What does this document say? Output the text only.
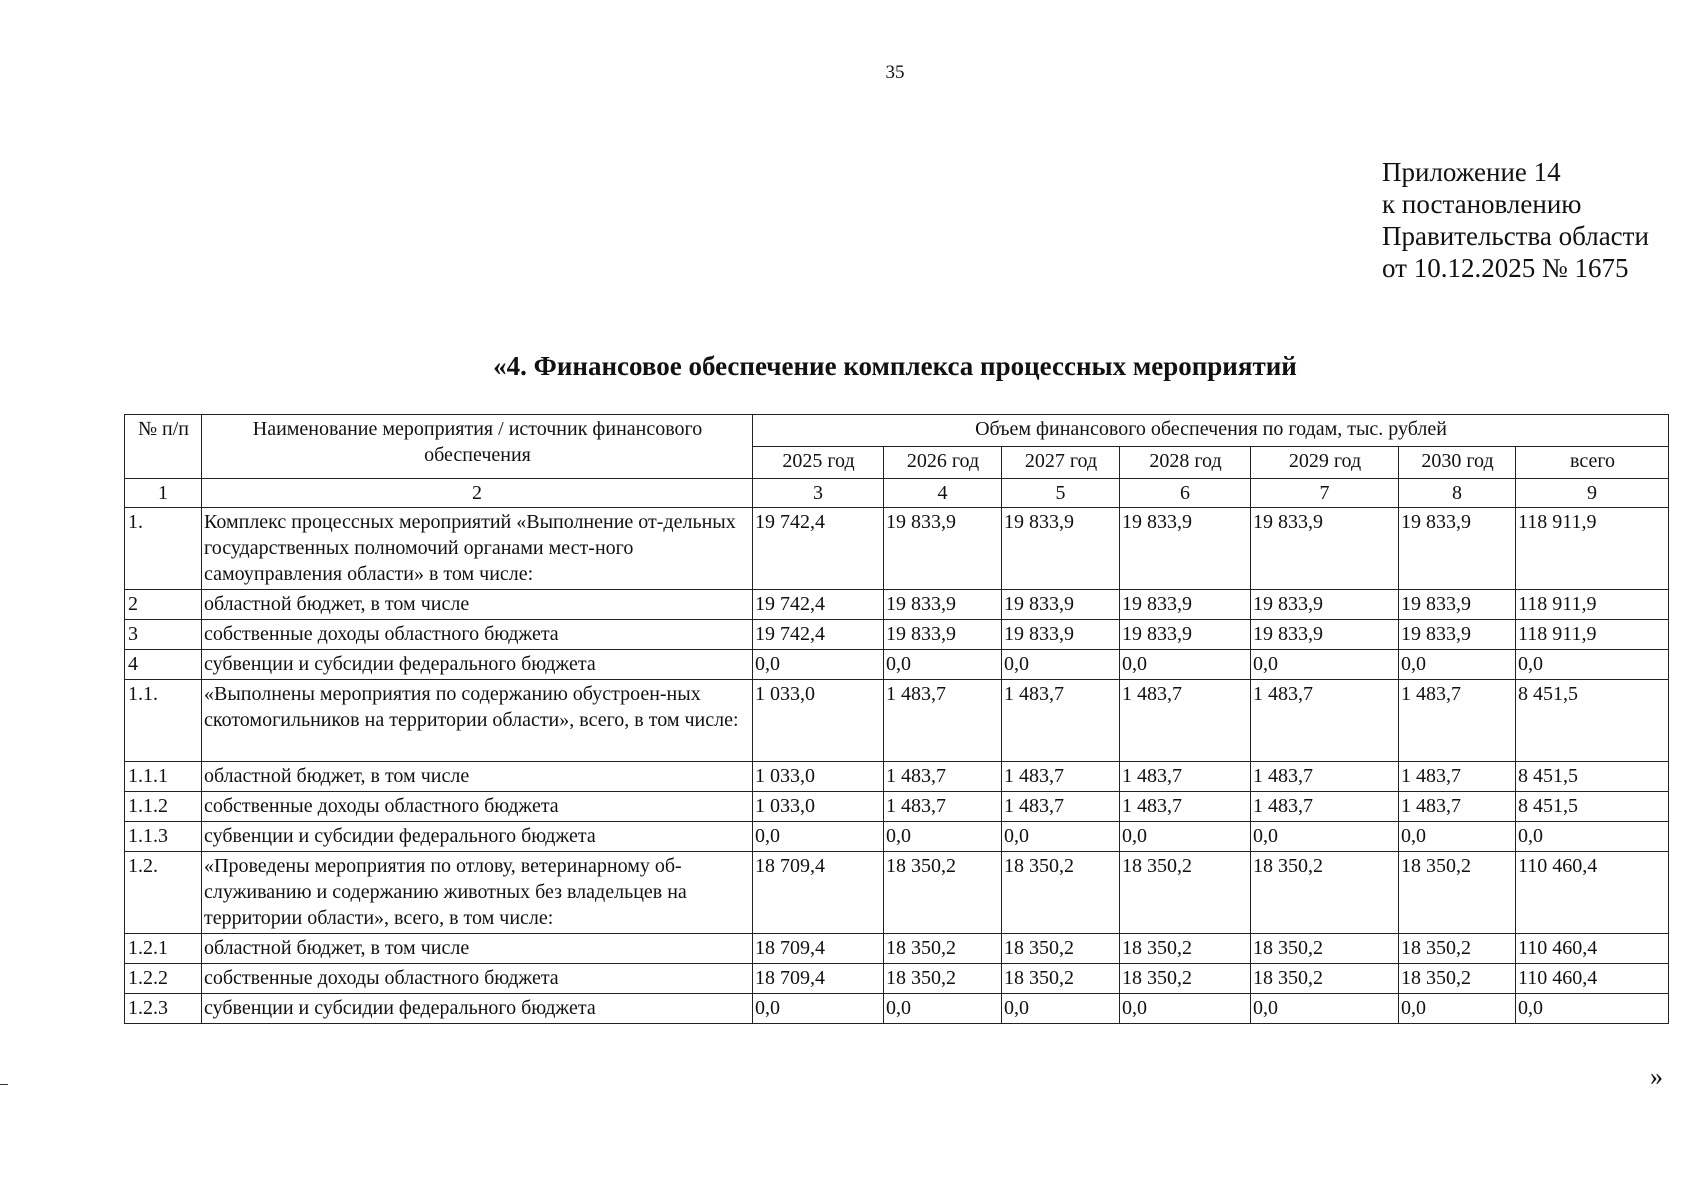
35
Приложение 14
к постановлению
Правительства области
от 10.12.2025 № 1675
«4. Финансовое обеспечение комплекса процессных мероприятий
№ п/п	Наименование мероприятия / источник финансового обеспечения	Объем финансового обеспечения по годам, тыс. рублей						
		2025 год	2026 год	2027 год	2028 год	2029 год	2030 год	всего
1	2	3	4	5	6	7	8	9
1.	Комплекс процессных мероприятий «Выполнение от-дельных государственных полномочий органами мест-ного самоуправления области» в том числе:	19 742,4	19 833,9	19 833,9	19 833,9	19 833,9	19 833,9	118 911,9
2	областной бюджет, в том числе	19 742,4	19 833,9	19 833,9	19 833,9	19 833,9	19 833,9	118 911,9
3	собственные доходы областного бюджета	19 742,4	19 833,9	19 833,9	19 833,9	19 833,9	19 833,9	118 911,9
4	субвенции и субсидии федерального бюджета	0,0	0,0	0,0	0,0	0,0	0,0	0,0
1.1.	«Выполнены мероприятия по содержанию обустроен-ных скотомогильников на территории области», всего, в том числе:	1 033,0	1 483,7	1 483,7	1 483,7	1 483,7	1 483,7	8 451,5
1.1.1	областной бюджет, в том числе	1 033,0	1 483,7	1 483,7	1 483,7	1 483,7	1 483,7	8 451,5
1.1.2	собственные доходы областного бюджета	1 033,0	1 483,7	1 483,7	1 483,7	1 483,7	1 483,7	8 451,5
1.1.3	субвенции и субсидии федерального бюджета	0,0	0,0	0,0	0,0	0,0	0,0	0,0
1.2.	«Проведены мероприятия по отлову, ветеринарному об-служиванию и содержанию животных без владельцев на территории области», всего, в том числе:	18 709,4	18 350,2	18 350,2	18 350,2	18 350,2	18 350,2	110 460,4
1.2.1	областной бюджет, в том числе	18 709,4	18 350,2	18 350,2	18 350,2	18 350,2	18 350,2	110 460,4
1.2.2	собственные доходы областного бюджета	18 709,4	18 350,2	18 350,2	18 350,2	18 350,2	18 350,2	110 460,4
1.2.3	субвенции и субсидии федерального бюджета	0,0	0,0	0,0	0,0	0,0	0,0	0,0
»
